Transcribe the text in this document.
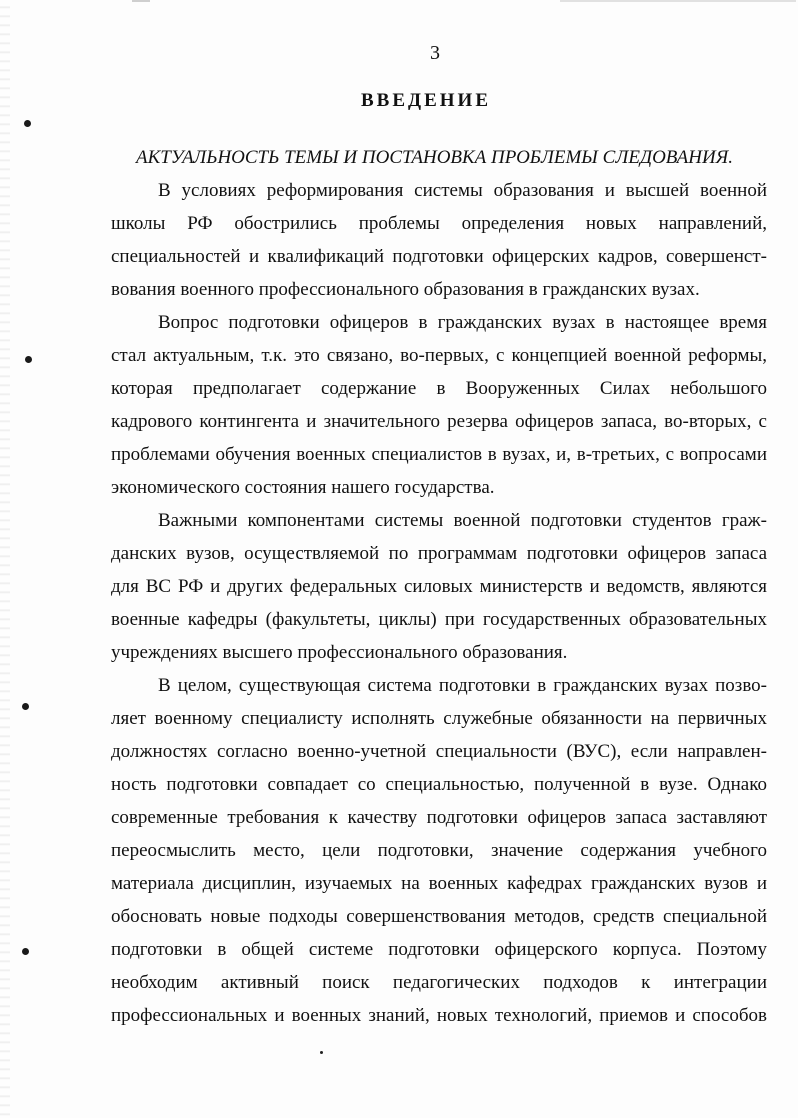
3
ВВЕДЕНИЕ
АКТУАЛЬНОСТЬ ТЕМЫ И ПОСТАНОВКА ПРОБЛЕМЫ СЛЕДОВАНИЯ.
В условиях реформирования системы образования и высшей военной
школы РФ обострились проблемы определения новых направлений,
специальностей и квалификаций подготовки офицерских кадров, совершенст-
вования военного профессионального образования в гражданских вузах.
Вопрос подготовки офицеров в гражданских вузах в настоящее время
стал актуальным, т.к. это связано, во-первых, с концепцией военной реформы,
которая предполагает содержание в Вооруженных Силах небольшого
кадрового контингента и значительного резерва офицеров запаса, во-вторых, с
проблемами обучения военных специалистов в вузах, и, в-третьих, с вопросами
экономического состояния нашего государства.
Важными компонентами системы военной подготовки студентов граж-
данских вузов, осуществляемой по программам подготовки офицеров запаса
для ВС РФ и других федеральных силовых министерств и ведомств, являются
военные кафедры (факультеты, циклы) при государственных образовательных
учреждениях высшего профессионального образования.
В целом, существующая система подготовки в гражданских вузах позво-
ляет военному специалисту исполнять служебные обязанности на первичных
должностях согласно военно-учетной специальности (ВУС), если направлен-
ность подготовки совпадает со специальностью, полученной в вузе. Однако
современные требования к качеству подготовки офицеров запаса заставляют
переосмыслить место, цели подготовки, значение содержания учебного
материала дисциплин, изучаемых на военных кафедрах гражданских вузов и
обосновать новые подходы совершенствования методов, средств специальной
подготовки в общей системе подготовки офицерского корпуса. Поэтому
необходим активный поиск педагогических подходов к интеграции
профессиональных и военных знаний, новых технологий, приемов и способов
